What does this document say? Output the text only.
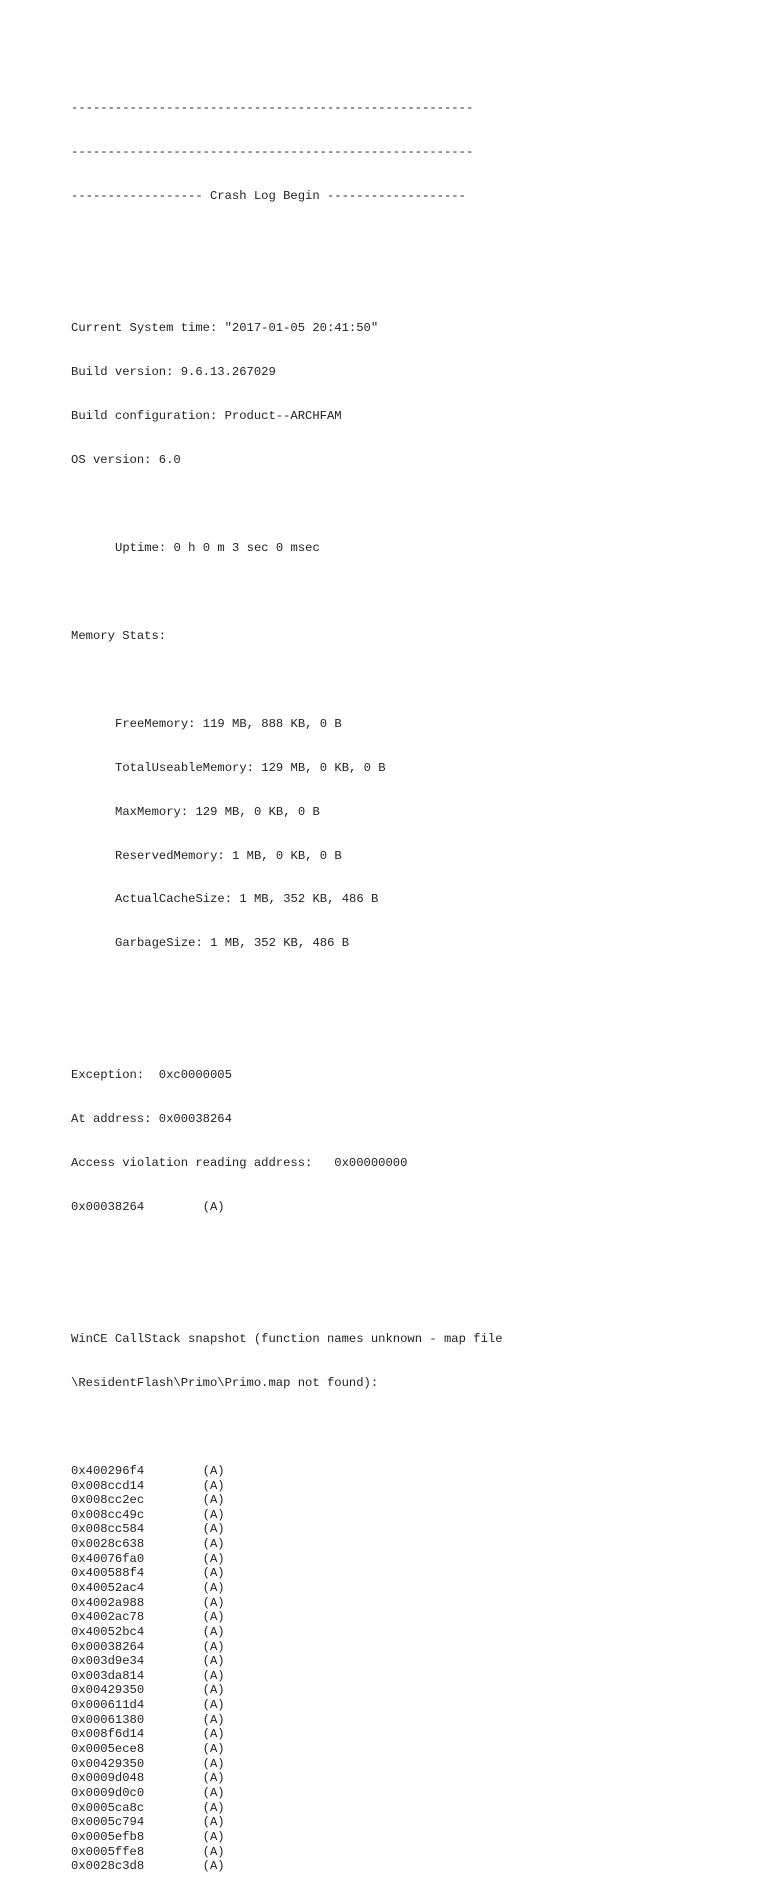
-------------------------------------------------------

-------------------------------------------------------

------------------ Crash Log Begin -------------------

Current System time: "2017-01-05 20:41:50"

Build version: 9.6.13.267029

Build configuration: Product--ARCHFAM

OS version: 6.0

Uptime: 0 h 0 m 3 sec 0 msec

Memory Stats:

FreeMemory: 119 MB, 888 KB, 0 B

TotalUseableMemory: 129 MB, 0 KB, 0 B

MaxMemory: 129 MB, 0 KB, 0 B

ReservedMemory: 1 MB, 0 KB, 0 B

ActualCacheSize: 1 MB, 352 KB, 486 B

GarbageSize: 1 MB, 352 KB, 486 B

Exception:  0xc0000005

At address: 0x00038264

Access violation reading address:   0x00000000

0x00038264        (A)

WinCE CallStack snapshot (function names unknown - map file

\ResidentFlash\Primo\Primo.map not found):

0x400296f4        (A)
0x008ccd14        (A)
0x008cc2ec        (A)
0x008cc49c        (A)
0x008cc584        (A)
0x0028c638        (A)
0x40076fa0        (A)
0x400588f4        (A)
0x40052ac4        (A)
0x4002a988        (A)
0x4002ac78        (A)
0x40052bc4        (A)
0x00038264        (A)
0x003d9e34        (A)
0x003da814        (A)
0x00429350        (A)
0x000611d4        (A)
0x00061380        (A)
0x008f6d14        (A)
0x0005ece8        (A)
0x00429350        (A)
0x0009d048        (A)
0x0009d0c0        (A)
0x0005ca8c        (A)
0x0005c794        (A)
0x0005efb8        (A)
0x0005ffe8        (A)
0x0028c3d8        (A)
